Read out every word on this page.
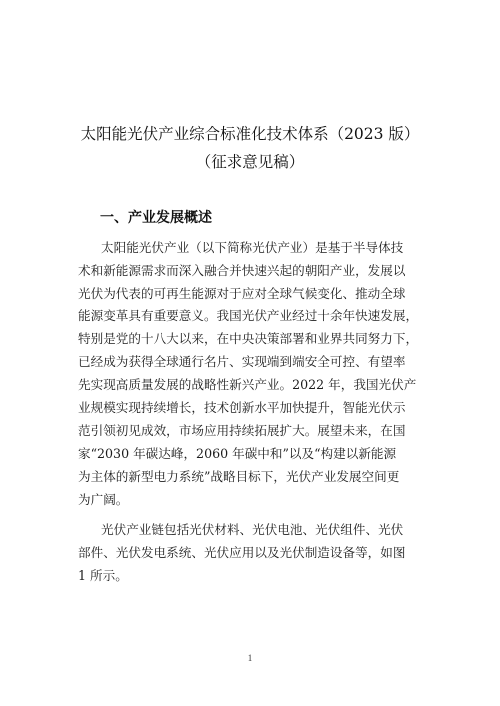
太阳能光伏产业综合标准化技术体系（2023 版）
（征求意见稿）
一、产业发展概述
太阳能光伏产业（以下简称光伏产业）是基于半导体技
术和新能源需求而深入融合并快速兴起的朝阳产业，发展以
光伏为代表的可再生能源对于应对全球气候变化、推动全球
能源变革具有重要意义。我国光伏产业经过十余年快速发展，
特别是党的十八大以来，在中央决策部署和业界共同努力下，
已经成为获得全球通行名片、实现端到端安全可控、有望率
先实现高质量发展的战略性新兴产业。2022 年，我国光伏产
业规模实现持续增长，技术创新水平加快提升，智能光伏示
范引领初见成效，市场应用持续拓展扩大。展望未来，在国
家“2030 年碳达峰，2060 年碳中和”以及“构建以新能源
为主体的新型电力系统”战略目标下，光伏产业发展空间更
为广阔。
光伏产业链包括光伏材料、光伏电池、光伏组件、光伏
部件、光伏发电系统、光伏应用以及光伏制造设备等，如图
1 所示。
1
